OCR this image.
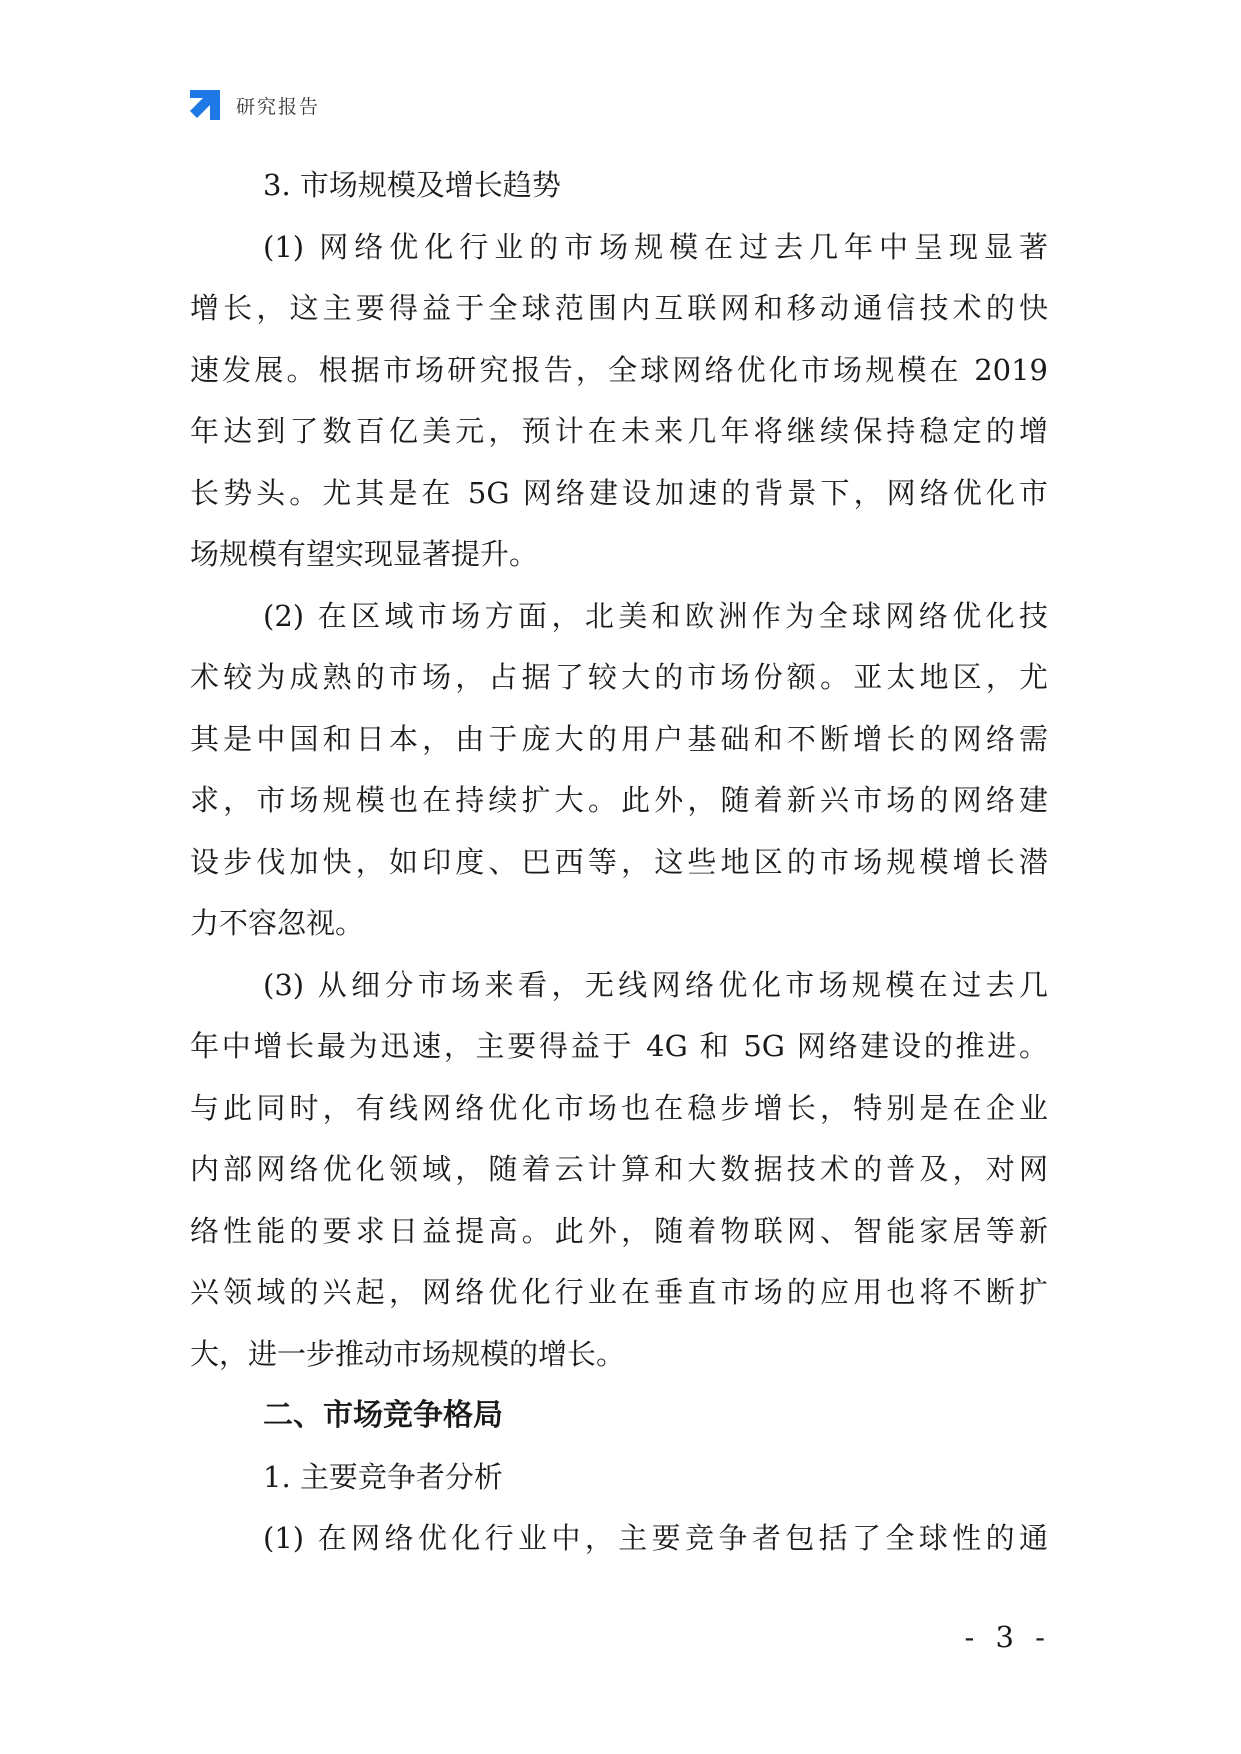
研究报告
3. 市场规模及增长趋势
(1) 网络优化行业的市场规模在过去几年中呈现显著
增长，这主要得益于全球范围内互联网和移动通信技术的快
速发展。根据市场研究报告，全球网络优化市场规模在 2019
年达到了数百亿美元，预计在未来几年将继续保持稳定的增
长势头。尤其是在 5G 网络建设加速的背景下，网络优化市
场规模有望实现显著提升。
(2) 在区域市场方面，北美和欧洲作为全球网络优化技
术较为成熟的市场，占据了较大的市场份额。亚太地区，尤
其是中国和日本，由于庞大的用户基础和不断增长的网络需
求，市场规模也在持续扩大。此外，随着新兴市场的网络建
设步伐加快，如印度、巴西等，这些地区的市场规模增长潜
力不容忽视。
(3) 从细分市场来看，无线网络优化市场规模在过去几
年中增长最为迅速，主要得益于 4G 和 5G 网络建设的推进。
与此同时，有线网络优化市场也在稳步增长，特别是在企业
内部网络优化领域，随着云计算和大数据技术的普及，对网
络性能的要求日益提高。此外，随着物联网、智能家居等新
兴领域的兴起，网络优化行业在垂直市场的应用也将不断扩
大，进一步推动市场规模的增长。
二、市场竞争格局
1. 主要竞争者分析
(1) 在网络优化行业中，主要竞争者包括了全球性的通
- 3 -
